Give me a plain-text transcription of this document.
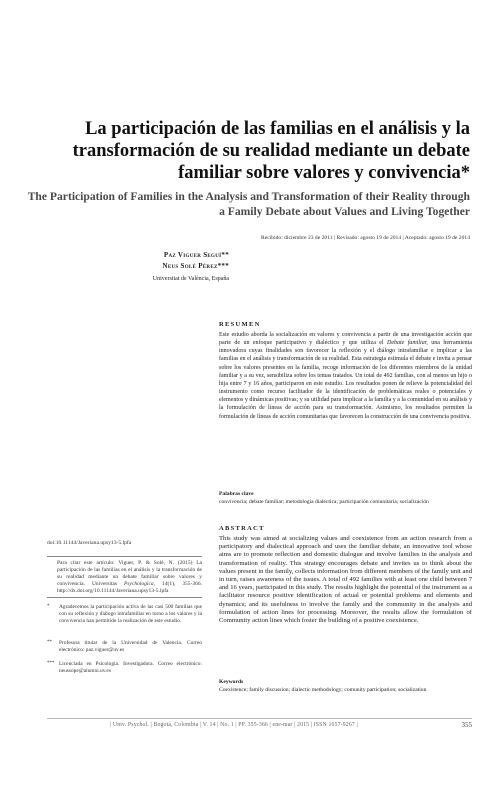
La participación de las familias en el análisis y la transformación de su realidad mediante un debate familiar sobre valores y convivencia*
The Participation of Families in the Analysis and Transformation of their Reality through a Family Debate about Values and Living Together
Recibido: diciembre 23 de 2011 | Revisado: agosto 19 de 2014 | Aceptado: agosto 19 de 2014
Paz Viguer Seguí**
Neus Solé Pérez***
Universitat de València, España
RESUMEN
Este estudio aborda la socialización en valores y convivencia a partir de una investigación acción que parte de un enfoque participativo y dialéctico y que utiliza el Debate familiar, una herramienta innovadora cuyas finalidades son favorecer la reflexión y el diálogo intrafamiliar e implicar a las familias en el análisis y transformación de su realidad. Esta estrategia estimula el debate e invita a pensar sobre los valores presentes en la familia, recoge información de los diferentes miembros de la unidad familiar y a su vez, sensibiliza sobre los temas tratados. Un total de 492 familias, con al menos un hijo o hija entre 7 y 16 años, participaron en este estudio. Los resultados ponen de relieve la potencialidad del instrumento como recurso facilitador de la identificación de problemáticas reales o potenciales y elementos y dinámicas positivas; y su utilidad para implicar a la familia y a la comunidad en su análisis y la formulación de líneas de acción para su transformación. Asimismo, los resultados permiten la formulación de líneas de acción comunitarias que favorecen la construcción de una convivencia positiva.
Palabras clave
convivencia; debate familiar; metodología dialéctica; participación comunitaria; socialización
ABSTRACT
This study was aimed at socializing values and coexistence from an action research from a participatory and dialectical approach and uses the familiar debate, an innovative tool whose aims are to promote reflection and domestic dialogue and involve families in the analysis and transformation of reality. This strategy encourages debate and invites us to think about the values present in the family, collects information from different members of the family unit and in turn, raises awareness of the issues. A total of 492 families with at least one child between 7 and 16 years, participated in this study. The results highlight the potential of the instrument as a facilitator resource positive identification of actual or potential problems and elements and dynamics; and its usefulness to involve the family and the community in the analysis and formulation of action lines for processing. Moreover, the results allow the formulation of Community action lines which foster the building of a positive coexistence.
Keywords
Coexistence; family discussion; dialectic methodology; comunity participation; socialization
doi:10.11144/Javeriana.upsy13-5.lpfa
Para citar este artículo: Viguer, P. & Solé, N. (2015) La participación de las familias en el análisis y la transformación de su realidad mediante un debate familiar sobre valores y convivencia. Universitas Psychologica, 14(1), 355-366. http://dx.doi.org/10.11144/Javeriana.upsy13-5.lpfa
*	Agradecemos la participación activa de las casi 500 familias que con su reflexión y diálogo intrafamiliar en torno a los valores y la convivencia han permitido la realización de este estudio.
**	Profesora titular de la Universidad de Valencia. Correo electrónico: paz.viguer@uv.es
*** Licenciada en Psicología. Investigadora. Correo electrónico: neussope@alumni.uv.es
| Univ. Psychol. | Bogotá, Colombia | V. 14 | No. 1 | PP. 355-366 | ene-mar | 2015 | ISSN 1657-9267 |	355
